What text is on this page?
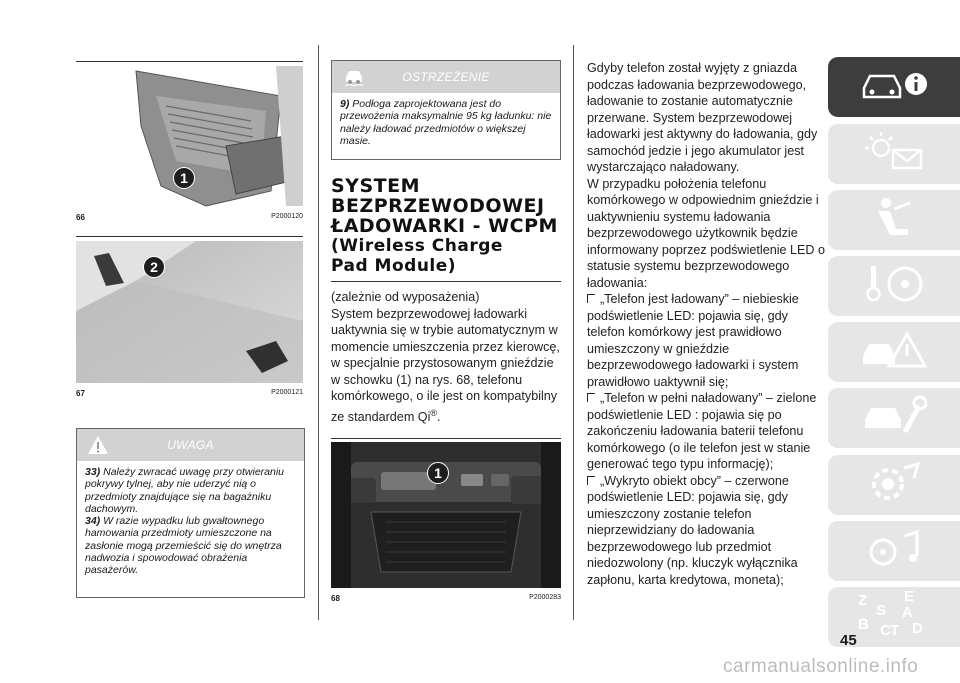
1
66	P2000120
2
67	P2000121
UWAGA

33) Należy zwracać uwagę przy otwieraniu pokrywy tylnej, aby nie uderzyć nią o przedmioty znajdujące się na bagażniku dachowym.

34) W razie wypadku lub gwałtownego hamowania przedmioty umieszczone na zasłonie mogą przemieścić się do wnętrza nadwozia i spowodować obrażenia pasażerów.

OSTRZEŻENIE

9) Podłoga zaprojektowana jest do przewożenia maksymalnie 95 kg ładunku: nie należy ładować przedmiotów o większej masie.

SYSTEM
BEZPRZEWODOWEJ
ŁADOWARKI - WCPM
(Wireless Charge
Pad Module)

(zależnie od wyposażenia)

System bezprzewodowej ładowarki uaktywnia się w trybie automatycznym w momencie umieszczenia przez kierowcę, w specjalnie przystosowanym gnieździe w schowku (1) na rys. 68, telefonu komórkowego, o ile jest on kompatybilny ze standardem Qi®.

1
68	P2000283

Gdyby telefon został wyjęty z gniazda podczas ładowania bezprzewodowego, ładowanie to zostanie automatycznie przerwane. System bezprzewodowej ładowarki jest aktywny do ładowania, gdy samochód jedzie i jego akumulator jest wystarczająco naładowany.

W przypadku położenia telefonu komórkowego w odpowiednim gnieździe i uaktywnieniu systemu ładowania bezprzewodowego użytkownik będzie informowany poprzez podświetlenie LED o statusie systemu bezprzewodowego ładowania:

„Telefon jest ładowany” – niebieskie podświetlenie LED: pojawia się, gdy telefon komórkowy jest prawidłowo umieszczony w gnieździe bezprzewodowego ładowarki i system prawidłowo uaktywnił się;

„Telefon w pełni naładowany” – zielone podświetlenie LED : pojawia się po zakończeniu ładowania baterii telefonu komórkowego (o ile telefon jest w stanie generować tego typu informację);

„Wykryto obiekt obcy” – czerwone podświetlenie LED: pojawia się, gdy umieszczony zostanie telefon nieprzewidziany do ładowania bezprzewodowego lub przedmiot niedozwolony (np. kluczyk wyłącznika zapłonu, karta kredytowa, moneta);

Z E
S A
B C T D
45
carmanualsonline.info
